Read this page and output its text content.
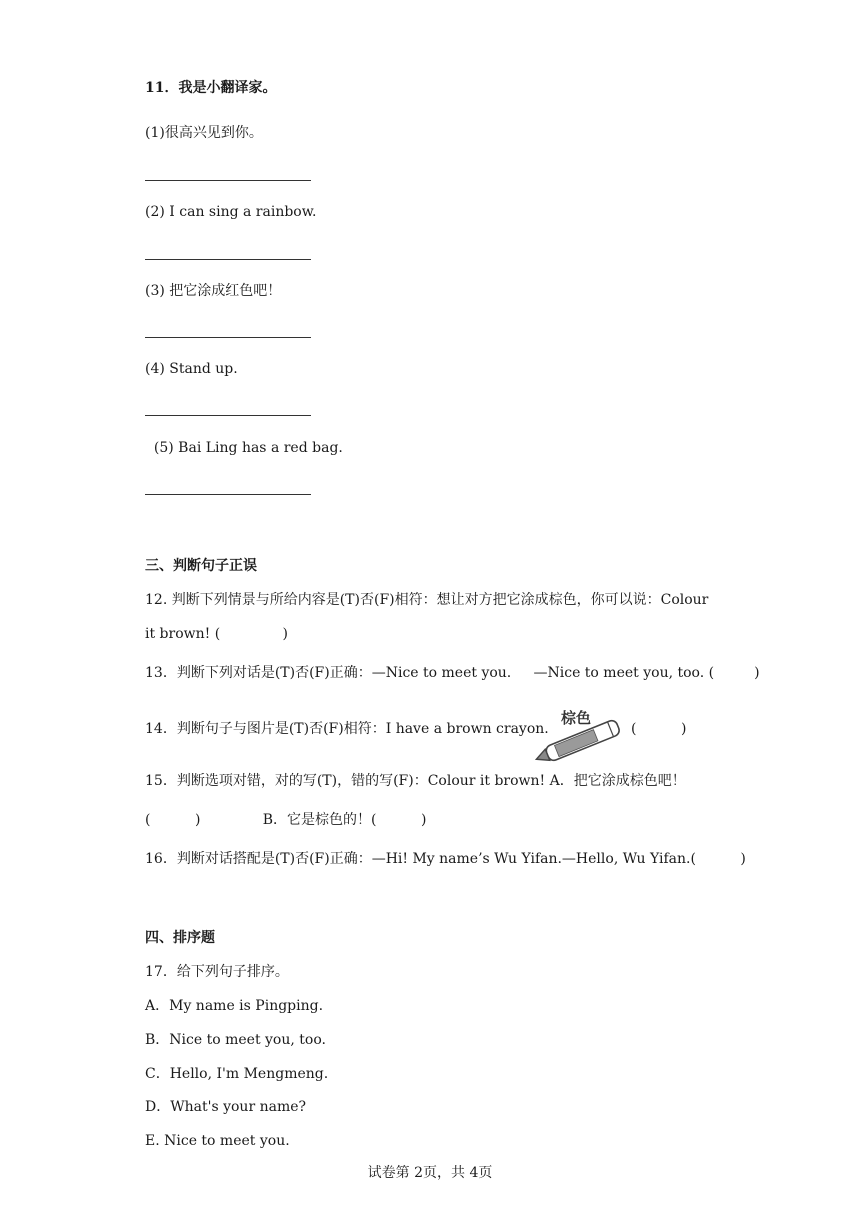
11．我是小翻译家。
(1)很高兴见到你。
(2) I can sing a rainbow.
(3) 把它涂成红色吧！
(4) Stand up.
(5) Bai Ling has a red bag.
三、判断句子正误
12. 判断下列情景与所给内容是(T)否(F)相符：想让对方把它涂成棕色，你可以说：Colour
it brown! (              )
13．判断下列对话是(T)否(F)正确：—Nice to meet you.     —Nice to meet you, too. (         )
14．判断句子与图片是(T)否(F)相符：I have a brown crayon.
棕色
(          )
15．判断选项对错，对的写(T)，错的写(F)：Colour it brown! A．把它涂成棕色吧！
(          )              B．它是棕色的！(          )
16．判断对话搭配是(T)否(F)正确：—Hi! My name’s Wu Yifan.—Hello, Wu Yifan.(          )
四、排序题
17．给下列句子排序。
A．My name is Pingping.
B．Nice to meet you, too.
C．Hello, I'm Mengmeng.
D．What's your name?
E. Nice to meet you.
试卷第 2页，共 4页
